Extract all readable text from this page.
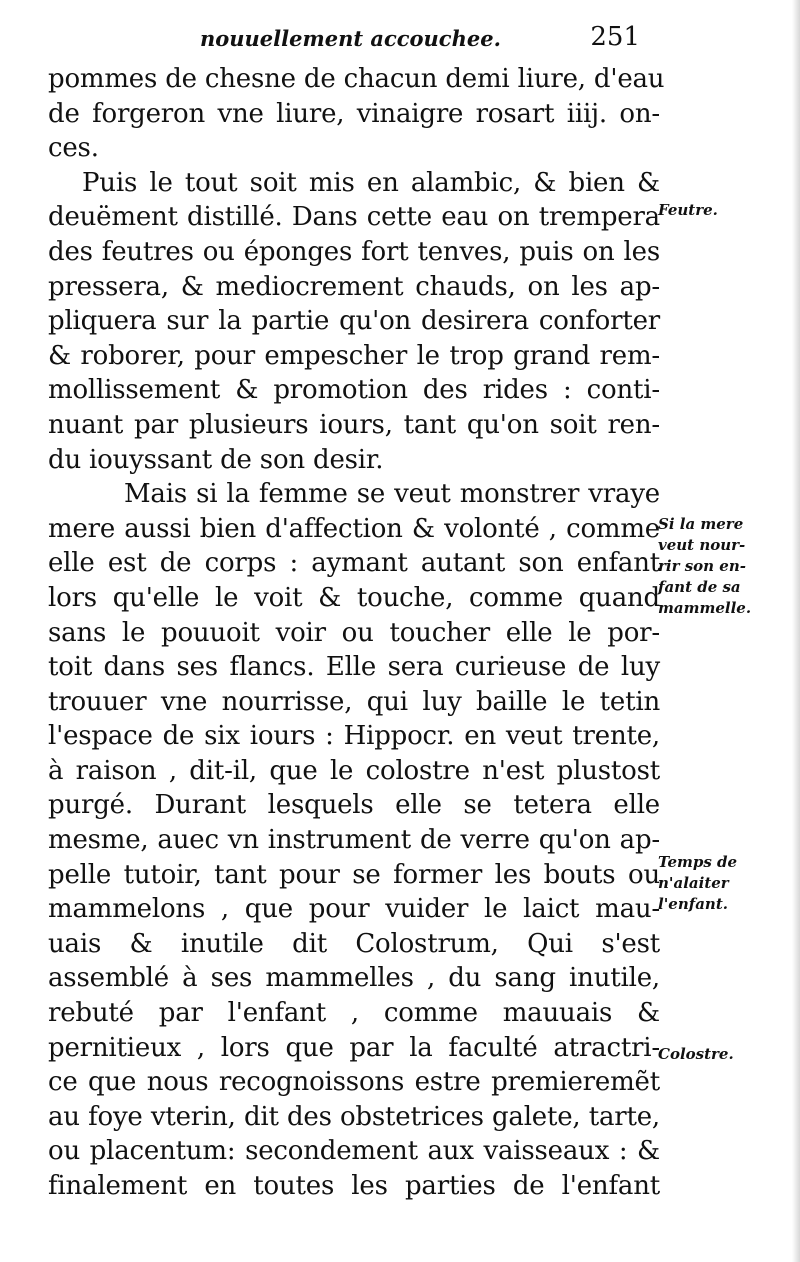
nouuellement accouchee.	251
pommes de chesne de chacun demi liure, d'eau
de forgeron vne liure, vinaigre rosart iiij. on-
ces.
Puis le tout soit mis en alambic, & bien &
deuëment distillé. Dans cette eau on trempera
des feutres ou éponges fort tenves, puis on les
pressera, & mediocrement chauds, on les ap-
pliquera sur la partie qu'on desirera conforter
& roborer, pour empescher le trop grand rem-
mollissement & promotion des rides : conti-
nuant par plusieurs iours, tant qu'on soit ren-
du iouyssant de son desir.
Mais si la femme se veut monstrer vraye
mere aussi bien d'affection & volonté , comme
elle est de corps : aymant autant son enfant
lors qu'elle le voit & touche, comme quand
sans le pouuoit voir ou toucher elle le por-
toit dans ses flancs. Elle sera curieuse de luy
trouuer vne nourrisse, qui luy baille le tetin
l'espace de six iours : Hippocr. en veut trente,
à raison , dit-il, que le colostre n'est plustost
purgé. Durant lesquels elle se tetera elle
mesme, auec vn instrument de verre qu'on ap-
pelle tutoir, tant pour se former les bouts ou
mammelons , que pour vuider le laict mau-
uais & inutile dit Colostrum, Qui s'est
assemblé à ses mammelles , du sang inutile,
rebuté par l'enfant , comme mauuais &
pernitieux , lors que par la faculté atractri-
ce que nous recognoissons estre premieremẽt
au foye vterin, dit des obstetrices galete, tarte,
ou placentum: secondement aux vaisseaux : &
finalement en toutes les parties de l'enfant
Feutre.
Si la mere
veut nour-
rir son en-
fant de sa
mammelle.
Temps de
n'alaiter
l'enfant.
Colostre.
